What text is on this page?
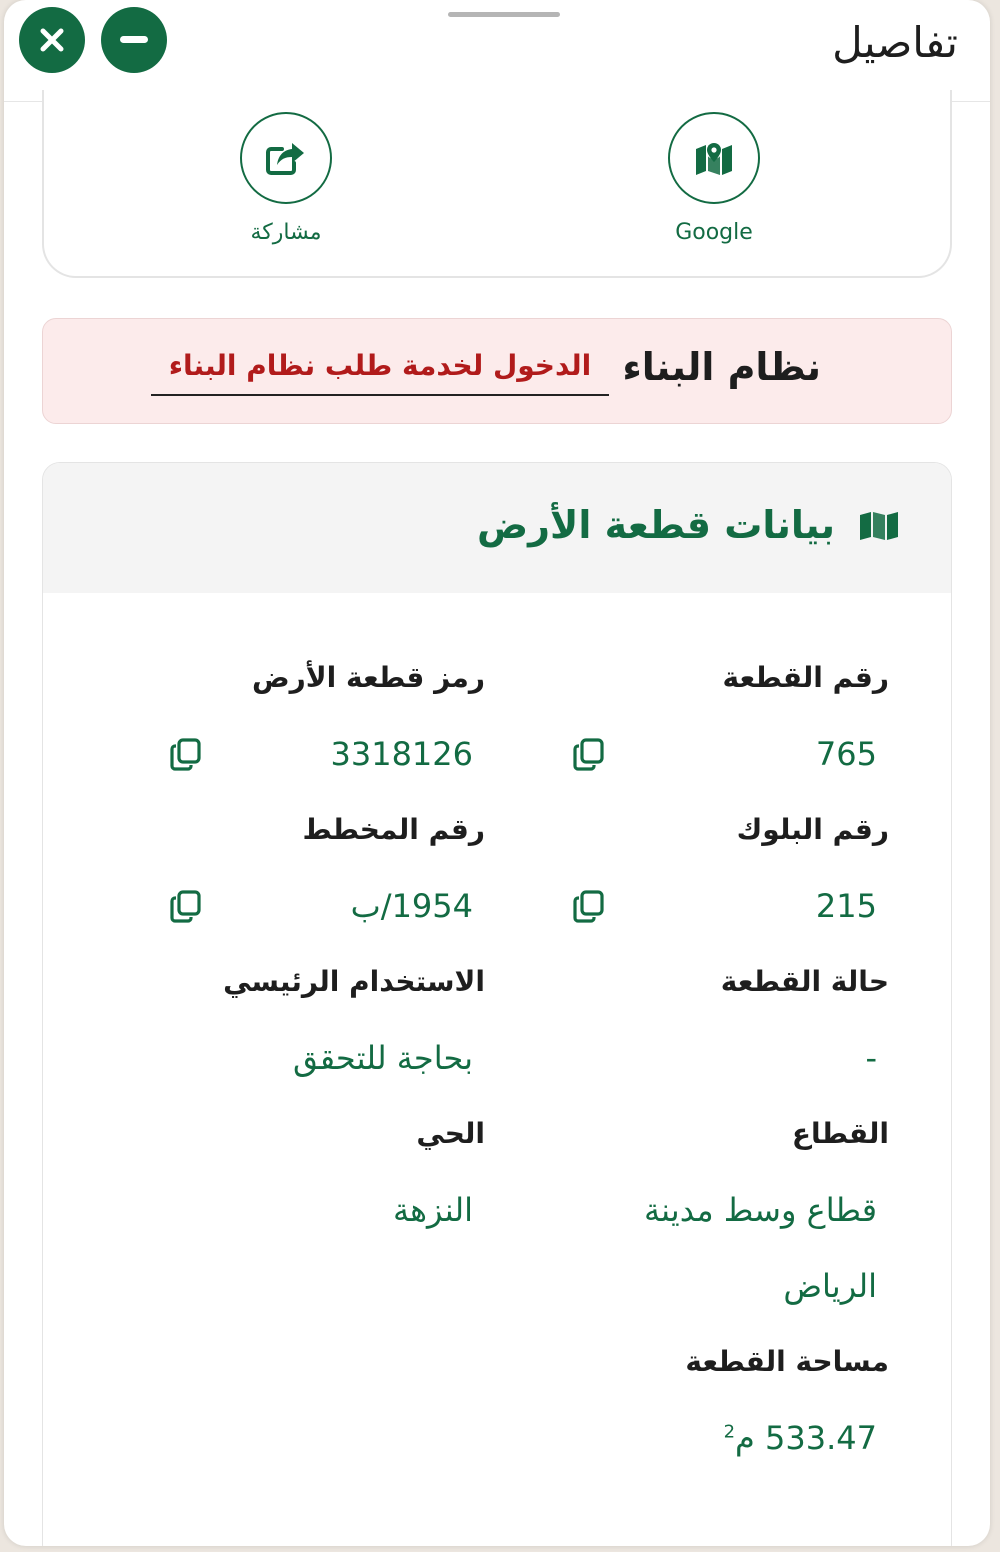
تفاصيل
Google
مشاركة
نظام البناء
الدخول لخدمة طلب نظام البناء
بيانات قطعة الأرض
رقم القطعة
رمز قطعة الأرض
765
3318126
رقم البلوك
رقم المخطط
215
1954/ب
حالة القطعة
الاستخدام الرئيسي
-
بحاجة للتحقق
القطاع
الحي
قطاع وسط مدينة
الرياض
النزهة
مساحة القطعة
533.47 م$^2$
